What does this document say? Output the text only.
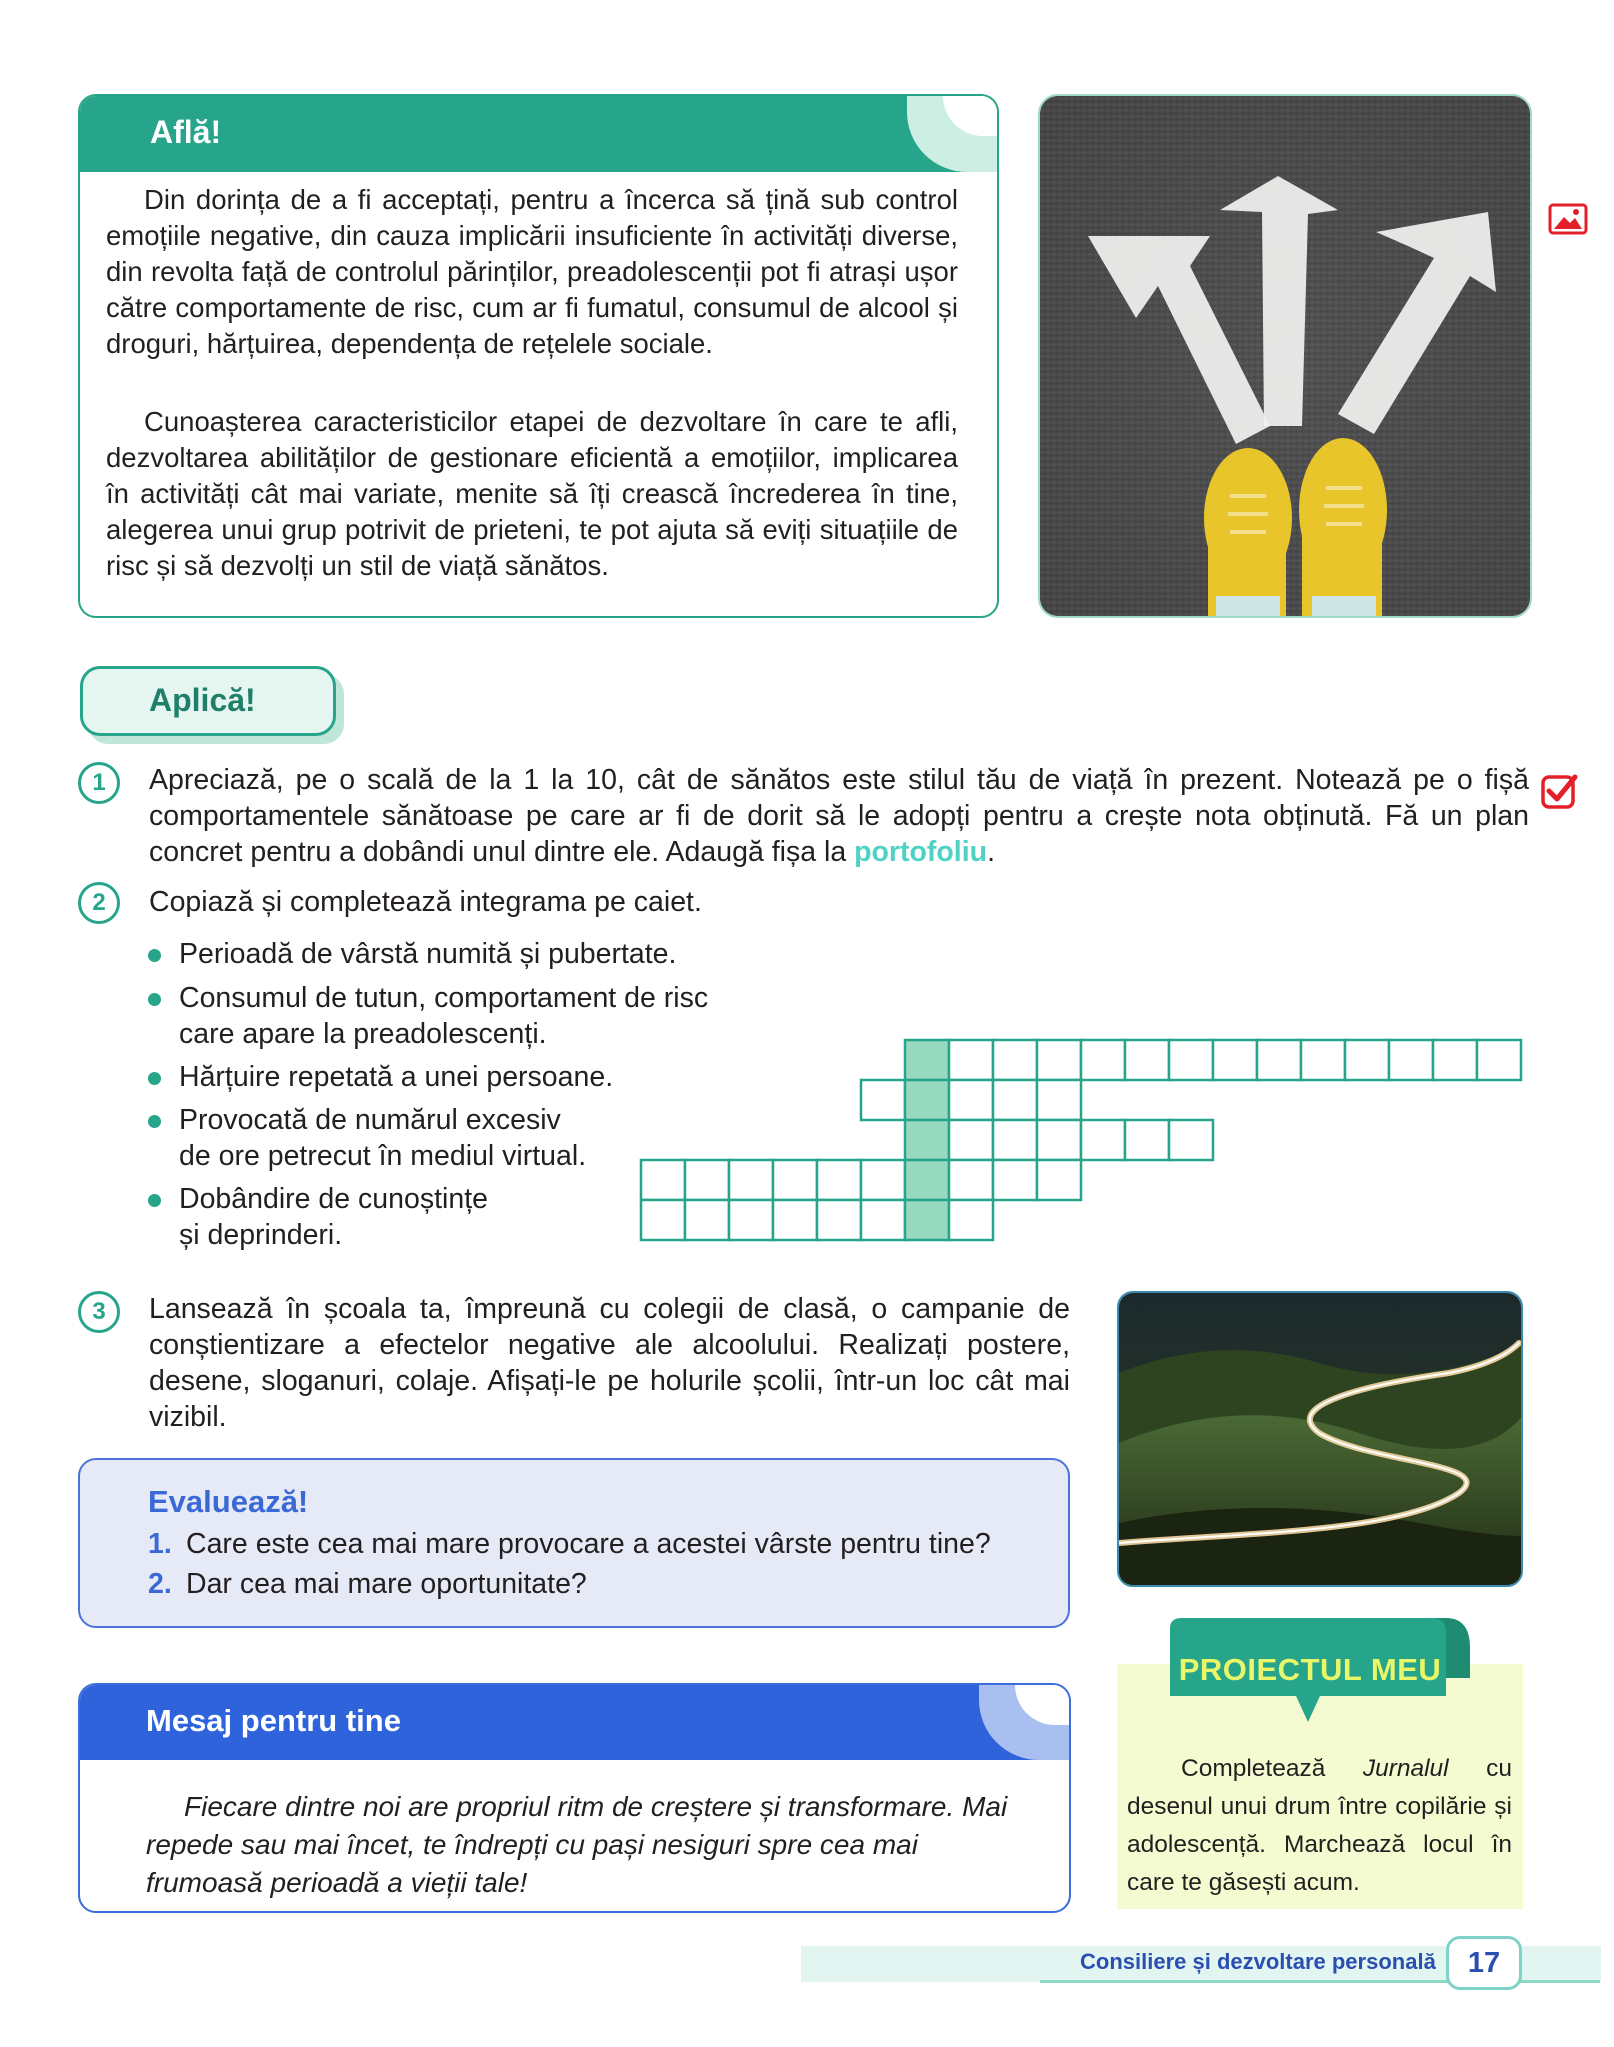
Află!

Din dorința de a fi acceptați, pentru a încerca să țină sub control emoțiile negative, din cauza implicării insuficiente în activități diverse, din revolta față de controlul părinților, preadolescenții pot fi atrași ușor către comportamente de risc, cum ar fi fumatul, consumul de alcool și droguri, hărțuirea, dependența de rețelele sociale.

Cunoașterea caracteristicilor etapei de dezvoltare în care te afli, dezvoltarea abilităților de gestionare eficientă a emoțiilor, implicarea în activități cât mai variate, menite să îți crească încrederea în tine, alegerea unui grup potrivit de prieteni, te pot ajuta să eviți situațiile de risc și să dezvolți un stil de viață sănătos.

Aplică!
1	Apreciază, pe o scală de la 1 la 10, cât de sănătos este stilul tău de viață în prezent. Notează pe o fișă comportamentele sănătoase pe care ar fi de dorit să le adopți pentru a crește nota obținută. Fă un plan concret pentru a dobândi unul dintre ele. Adaugă fișa la portofoliu.

2	Copiază și completează integrama pe caiet.

Perioadă de vârstă numită și pubertate.
Consumul de tutun, comportament de risc
care apare la preadolescenți.
Hărțuire repetată a unei persoane.
Provocată de numărul excesiv
de ore petrecut în mediul virtual.
Dobândire de cunoștințe
și deprinderi.
3	Lansează în școala ta, împreună cu colegii de clasă, o campanie de conștientizare a efectelor negative ale alcoolului. Realizați postere, desene, sloganuri, colaje. Afișați-le pe holurile școlii, într-un loc cât mai vizibil.

Evaluează!
1. Care este cea mai mare provocare a acestei vârste pentru tine?
2. Dar cea mai mare oportunitate?
Mesaj pentru tine
Fiecare dintre noi are propriul ritm de creștere și transformare. Mai repede sau mai încet, te îndrepți cu pași nesiguri spre cea mai frumoasă perioadă a vieții tale!
PROIECTUL MEU
Completează Jurnalul cu desenul unui drum între copilărie și adolescență. Marchează locul în care te găsești acum.
Consiliere și dezvoltare personală	17
